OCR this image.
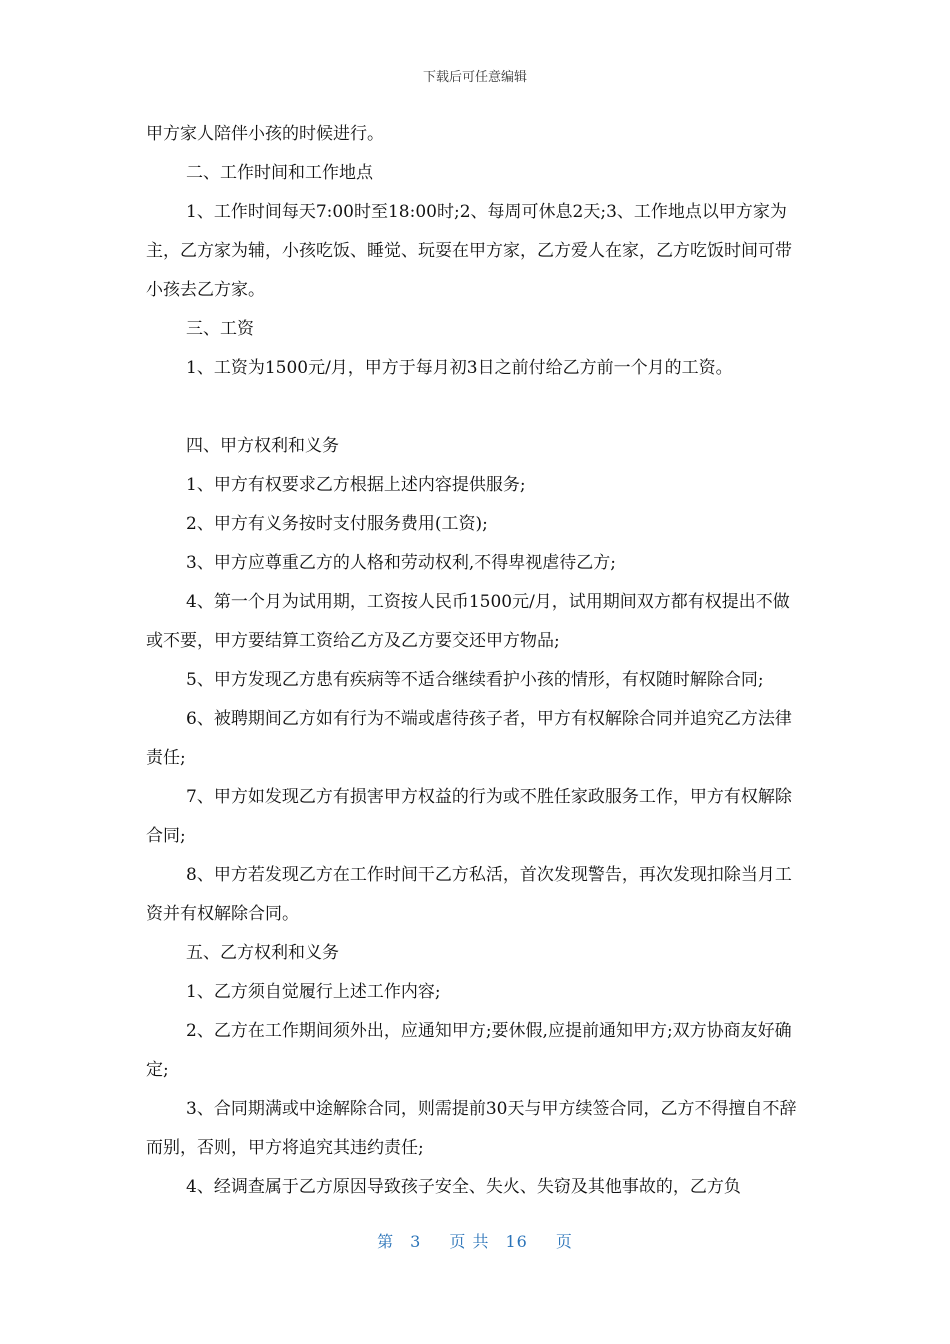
下载后可任意编辑

甲方家人陪伴小孩的时候进行。

二、工作时间和工作地点

1、工作时间每天7:00时至18:00时;2、每周可休息2天;3、工作地点以甲方家为主，乙方家为辅，小孩吃饭、睡觉、玩耍在甲方家，乙方爱人在家，乙方吃饭时间可带小孩去乙方家。

三、工资

1、工资为1500元/月，甲方于每月初3日之前付给乙方前一个月的工资。

四、甲方权利和义务

1、甲方有权要求乙方根据上述内容提供服务;

2、甲方有义务按时支付服务费用(工资);

3、甲方应尊重乙方的人格和劳动权利,不得卑视虐待乙方;

4、第一个月为试用期，工资按人民币1500元/月，试用期间双方都有权提出不做或不要，甲方要结算工资给乙方及乙方要交还甲方物品;

5、甲方发现乙方患有疾病等不适合继续看护小孩的情形，有权随时解除合同;

6、被聘期间乙方如有行为不端或虐待孩子者，甲方有权解除合同并追究乙方法律责任;

7、甲方如发现乙方有损害甲方权益的行为或不胜任家政服务工作，甲方有权解除合同;

8、甲方若发现乙方在工作时间干乙方私活，首次发现警告，再次发现扣除当月工资并有权解除合同。

五、乙方权利和义务

1、乙方须自觉履行上述工作内容;

2、乙方在工作期间须外出，应通知甲方;要休假,应提前通知甲方;双方协商友好确定;

3、合同期满或中途解除合同，则需提前30天与甲方续签合同，乙方不得擅自不辞而别，否则，甲方将追究其违约责任;

4、经调查属于乙方原因导致孩子安全、失火、失窃及其他事故的，乙方负

第 3 页 共 16 页
